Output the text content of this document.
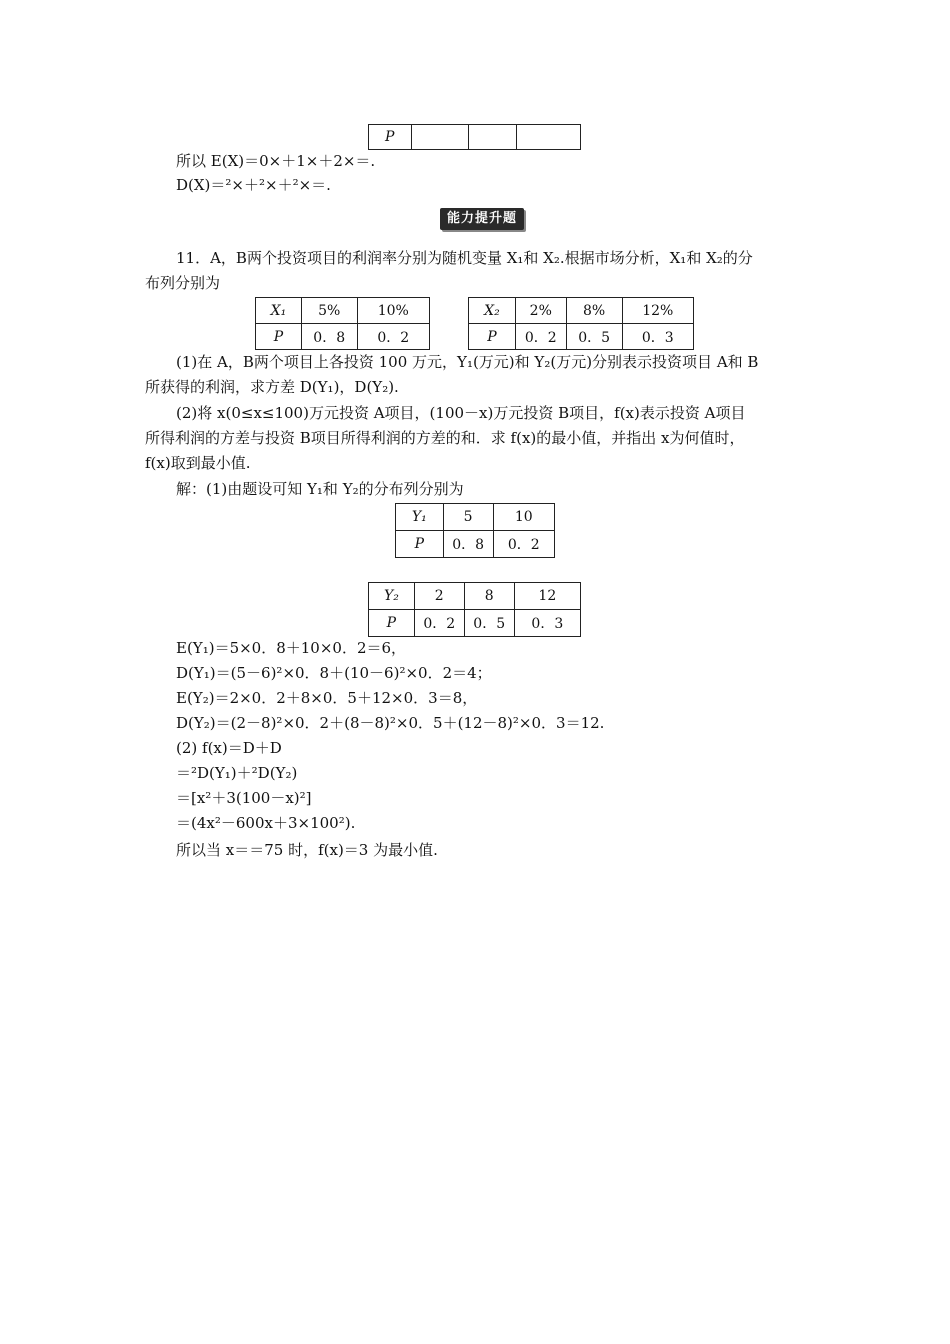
P			
所以 E(X)＝0×＋1×＋2×＝.
D(X)＝²×＋²×＋²×＝.
能力提升题
11．A，B两个投资项目的利润率分别为随机变量 X₁和 X₂.根据市场分析，X₁和 X₂的分
布列分别为
X₁	5%	10%
P	0．8	0．2
X₂	2%	8%	12%
P	0．2	0．5	0．3
(1)在 A，B两个项目上各投资 100 万元，Y₁(万元)和 Y₂(万元)分别表示投资项目 A和 B
所获得的利润，求方差 D(Y₁)，D(Y₂).
(2)将 x(0≤x≤100)万元投资 A项目，(100－x)万元投资 B项目，f(x)表示投资 A项目
所得利润的方差与投资 B项目所得利润的方差的和．求 f(x)的最小值，并指出 x为何值时，
f(x)取到最小值.
解：(1)由题设可知 Y₁和 Y₂的分布列分别为
Y₁	5	10
P	0．8	0．2
Y₂	2	8	12
P	0．2	0．5	0．3
E(Y₁)＝5×0．8＋10×0．2＝6，
D(Y₁)＝(5－6)²×0．8＋(10－6)²×0．2＝4；
E(Y₂)＝2×0．2＋8×0．5＋12×0．3＝8，
D(Y₂)＝(2－8)²×0．2＋(8－8)²×0．5＋(12－8)²×0．3＝12.
(2) f(x)＝D＋D
＝²D(Y₁)＋²D(Y₂)
＝[x²＋3(100－x)²]
＝(4x²－600x＋3×100²).
所以当 x＝＝75 时，f(x)＝3 为最小值.
